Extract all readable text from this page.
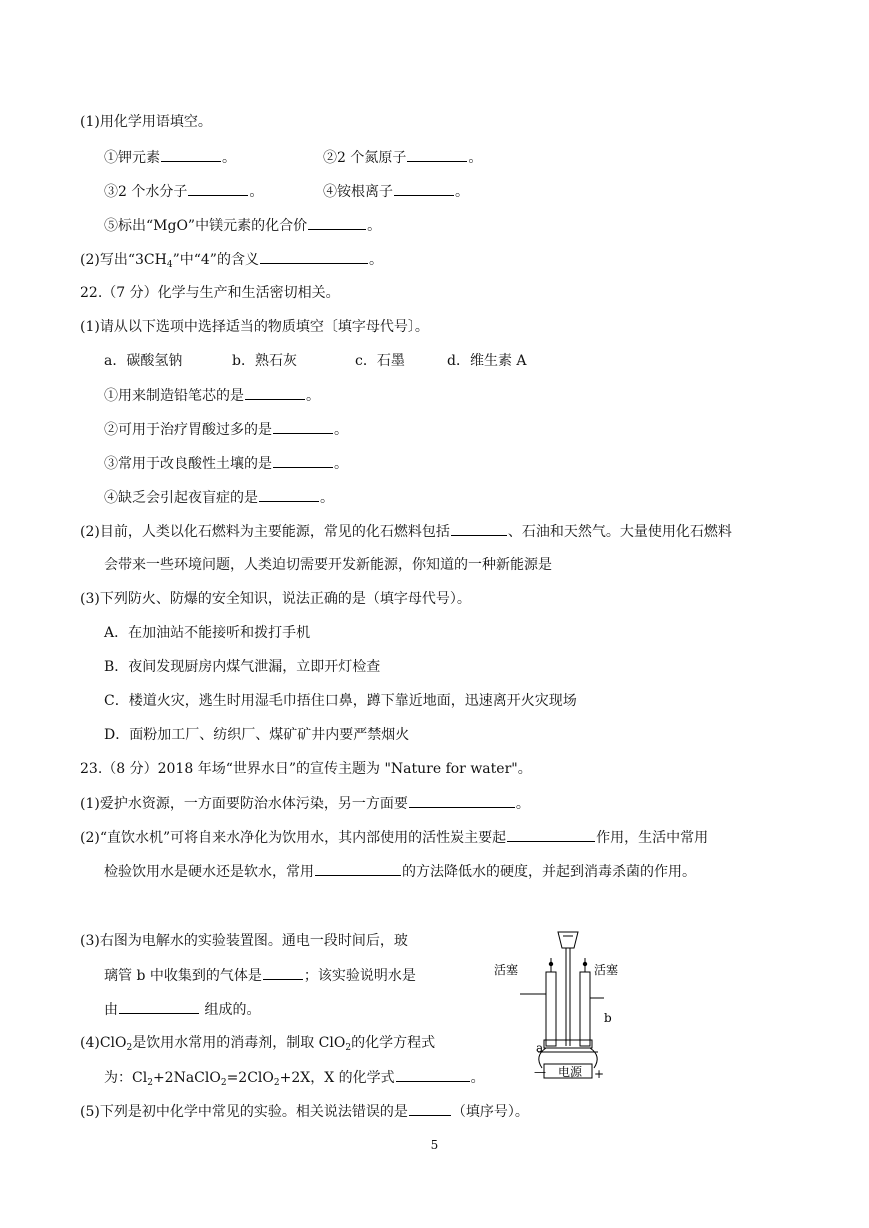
(1)用化学用语填空。
①钾元素	。	②2 个氮原子	。
③2 个水分子	。	④铵根离子	。
⑤标出“MgO”中镁元素的化合价	。
(2)写出“$3CH_4$”中“4”的含义	。
22.（7 分）化学与生产和生活密切相关。
(1)请从以下选项中选择适当的物质填空〔填字母代号〕。
a．碳酸氢钠	b．熟石灰	c．石墨	d．维生素 A
①用来制造铅笔芯的是	。
②可用于治疗胃酸过多的是	。
③常用于改良酸性土壤的是	。
④缺乏会引起夜盲症的是	。
(2)目前，人类以化石燃料为主要能源，常见的化石燃料包括	、石油和天然气。大量使用化石燃料
会带来一些环境问题，人类迫切需要开发新能源，你知道的一种新能源是
(3)下列防火、防爆的安全知识，说法正确的是（填字母代号）。
A．在加油站不能接听和拨打手机
B．夜间发现厨房内煤气泄漏，立即开灯检查
C．楼道火灾，逃生时用湿毛巾捂住口鼻，蹲下靠近地面，迅速离开火灾现场
D．面粉加工厂、纺织厂、煤矿矿井内要严禁烟火
23.（8 分）2018 年场“世界水日”的宣传主题为 "Nature for water"。
(1)爱护水资源，一方面要防治水体污染，另一方面要	。
(2)“直饮水机”可将自来水净化为饮用水，其内部使用的活性炭主要起	作用，生活中常用
检验饮用水是硬水还是软水，常用	的方法降低水的硬度，并起到消毒杀菌的作用。
(3)右图为电解水的实验装置图。通电一段时间后，玻
璃管 b 中收集到的气体是	；该实验说明水是
由	组成的。
(4)ClO$_2$是饮用水常用的消毒剂，制取 ClO$_2$的化学方程式
为：$Cl_2+2NaClO_2=2ClO_2+2X$，X 的化学式	。
(5)下列是初中化学中常见的实验。相关说法错误的是	（填序号）。
活塞	活塞
a
b
— 电源 +
5
